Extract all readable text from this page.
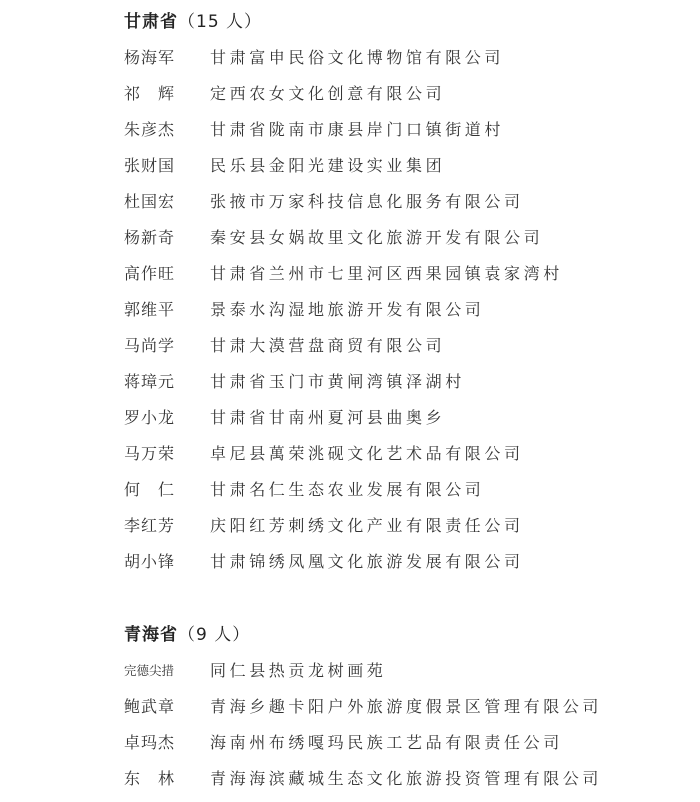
甘肃省（15 人）
杨海军	甘肃富申民俗文化博物馆有限公司
祁　辉	定西农女文化创意有限公司
朱彦杰	甘肃省陇南市康县岸门口镇街道村
张财国	民乐县金阳光建设实业集团
杜国宏	张掖市万家科技信息化服务有限公司
杨新奇	秦安县女娲故里文化旅游开发有限公司
高作旺	甘肃省兰州市七里河区西果园镇袁家湾村
郭维平	景泰水沟湿地旅游开发有限公司
马尚学	甘肃大漠营盘商贸有限公司
蒋璋元	甘肃省玉门市黄闸湾镇泽湖村
罗小龙	甘肃省甘南州夏河县曲奥乡
马万荣	卓尼县萬荣洮砚文化艺术品有限公司
何　仁	甘肃名仁生态农业发展有限公司
李红芳	庆阳红芳刺绣文化产业有限责任公司
胡小锋	甘肃锦绣凤凰文化旅游发展有限公司
青海省（9 人）
完德尖措	同仁县热贡龙树画苑
鲍武章	青海乡趣卡阳户外旅游度假景区管理有限公司
卓玛杰	海南州布绣嘎玛民族工艺品有限责任公司
东　林	青海海滨藏城生态文化旅游投资管理有限公司
